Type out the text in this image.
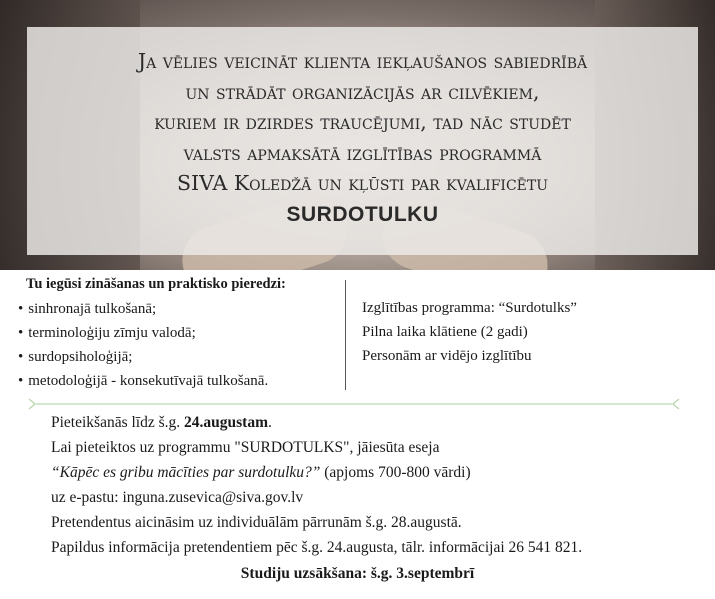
Ja vēlies veicināt klienta iekļaušanos sabiedrībā
un strādāt organizācijās ar cilvēkiem,
kuriem ir dzirdes traucējumi, tad nāc studēt
valsts apmaksātā izglītības programmā
SIVA Koledžā un kļūsti par kvalificētu
SURDOTULKU

Tu iegūsi zināšanas un praktisko pieredzi:

• sinhronajā tulkošanā;
• terminoloģiju zīmju valodā;
• surdopsiholoģijā;
• metodoloģijā - konsekutīvajā tulkošanā.
Izglītības programma: “Surdotulks”
Pilna laika klātiene (2 gadi)
Personām ar vidējo izglītību
Pieteikšanās līdz š.g. 24.augustam.
Lai pieteiktos uz programmu "SURDOTULKS", jāiesūta eseja
“Kāpēc es gribu mācīties par surdotulku?” (apjoms 700-800 vārdi)
uz e-pastu: inguna.zusevica@siva.gov.lv
Pretendentus aicināsim uz individuālām pārrunām š.g. 28.augustā.
Papildus informācija pretendentiem pēc š.g. 24.augusta, tālr. informācijai 26 541 821.
Studiju uzsākšana: š.g. 3.septembrī
